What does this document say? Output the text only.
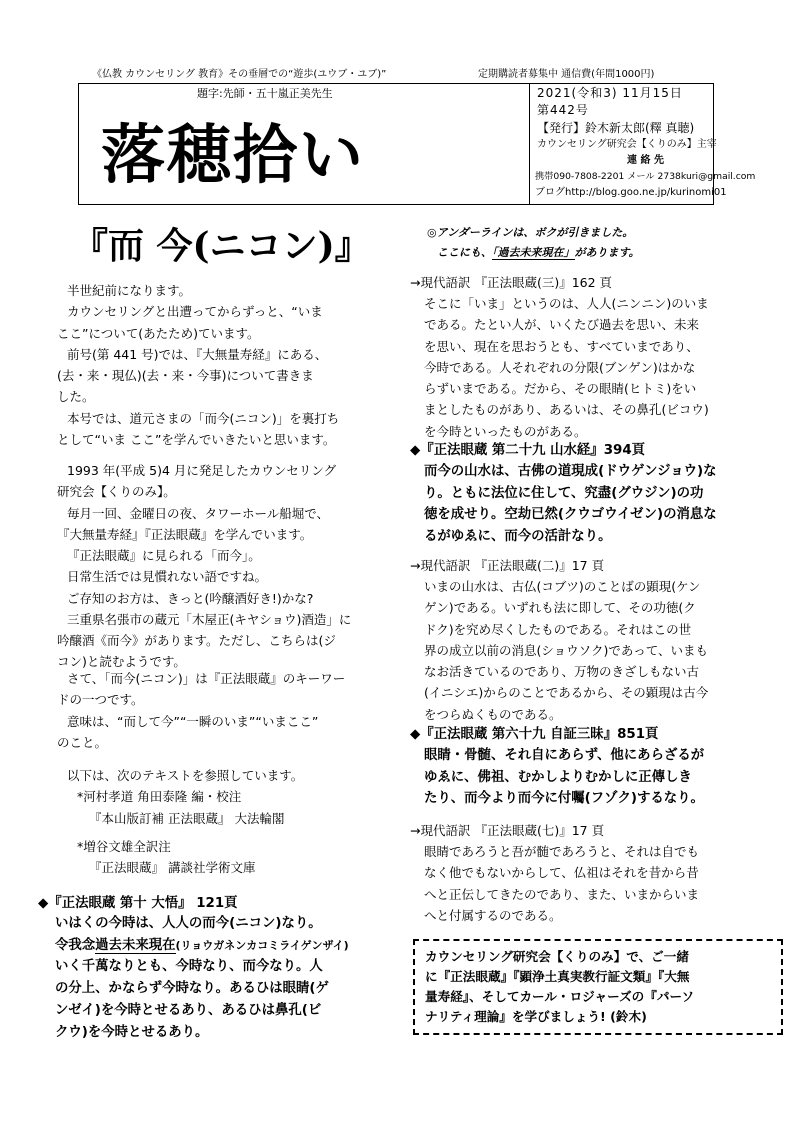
《仏教 カウンセリング 教育》その垂層での“遊歩(ユウブ・ユブ)”	定期購読者募集中 通信費(年間1000円)
題字:先師・五十嵐正美先生
落穂拾い
2021(令和3) 11月15日
第442号
【発行】鈴木新太郎(釋 真聴)
カウンセリング研究会【くりのみ】主宰
連 絡 先
携帯090-7808-2201 メール 2738kuri@gmail.com
ブログhttp://blog.goo.ne.jp/kurinomi01
『而 今(ニコン)』
半世紀前になります。
カウンセリングと出遭ってからずっと、“いま
ここ”について(あたため)ています。
前号(第 441 号)では、『大無量寿経』にある、
(去・来・現仏)(去・来・今事)について書きま
した。
本号では、道元さまの「而今(ニコン)」を裏打ち
として“いま ここ”を学んでいきたいと思います。
1993 年(平成 5)4 月に発足したカウンセリング
研究会【くりのみ】。
毎月一回、金曜日の夜、タワーホール船堀で、
『大無量寿経』『正法眼蔵』を学んでいます。
『正法眼蔵』に見られる「而今」。
日常生活では見慣れない語ですね。
ご存知のお方は、きっと(吟醸酒好き!)かな?
三重県名張市の蔵元「木屋正(キヤショウ)酒造」に
吟醸酒《而今》があります。ただし、こちらは(ジ
コン)と読むようです。
さて、「而今(ニコン)」は『正法眼蔵』のキーワー
ドの一つです。
意味は、“而して今”“一瞬のいま”“いまここ”
のこと。
以下は、次のテキストを参照しています。
*河村孝道 角田泰隆 編・校注
『本山版訂補 正法眼蔵』 大法輪閣
*増谷文雄全訳注
『正法眼蔵』 講談社学術文庫
◆『正法眼蔵 第十 大悟』 121頁
いはくの今時は、人人の而今(ニコン)なり。
令我念過去未来現在(リョウガネンカコミライゲンザイ)
いく千萬なりとも、今時なり、而今なり。人
の分上、かならず今時なり。あるひは眼睛(ゲ
ンゼイ)を今時とせるあり、あるひは鼻孔(ビ
クウ)を今時とせるあり。
◎アンダーラインは、ボクが引きました。
ここにも、「過去未来現在」があります。
→現代語訳 『正法眼蔵(三)』162 頁
そこに「いま」というのは、人人(ニンニン)のいま
である。たとい人が、いくたび過去を思い、未来
を思い、現在を思おうとも、すべていまであり、
今時である。人それぞれの分限(ブンゲン)はかな
らずいまである。だから、その眼睛(ヒトミ)をい
まとしたものがあり、あるいは、その鼻孔(ビコウ)
を今時といったものがある。
◆『正法眼蔵 第二十九 山水経』394頁
而今の山水は、古佛の道現成(ドウゲンジョウ)な
り。ともに法位に住して、究盡(グウジン)の功
徳を成せり。空劫已然(クウゴウイゼン)の消息な
るがゆゑに、而今の活計なり。
→現代語訳 『正法眼蔵(二)』17 頁
いまの山水は、古仏(コブツ)のことばの顕現(ケン
ゲン)である。いずれも法に即して、その功徳(ク
ドク)を究め尽くしたものである。それはこの世
界の成立以前の消息(ショウソク)であって、いまも
なお活きているのであり、万物のきざしもない古
(イニシエ)からのことであるから、その顕現は古今
をつらぬくものである。
◆『正法眼蔵 第六十九 自証三昧』851頁
眼睛・骨髄、それ自にあらず、他にあらざるが
ゆゑに、佛祖、むかしよりむかしに正傳しき
たり、而今より而今に付囑(フゾク)するなり。
→現代語訳 『正法眼蔵(七)』17 頁
眼睛であろうと吾が髄であろうと、それは自でも
なく他でもないからして、仏祖はそれを昔から昔
へと正伝してきたのであり、また、いまからいま
へと付属するのである。
カウンセリング研究会【くりのみ】で、ご一緒
に『正法眼蔵』『顕浄土真実教行証文類』『大無
量寿経』、そしてカール・ロジャーズの『パーソ
ナリティ理論』を学びましょう! (鈴木)
